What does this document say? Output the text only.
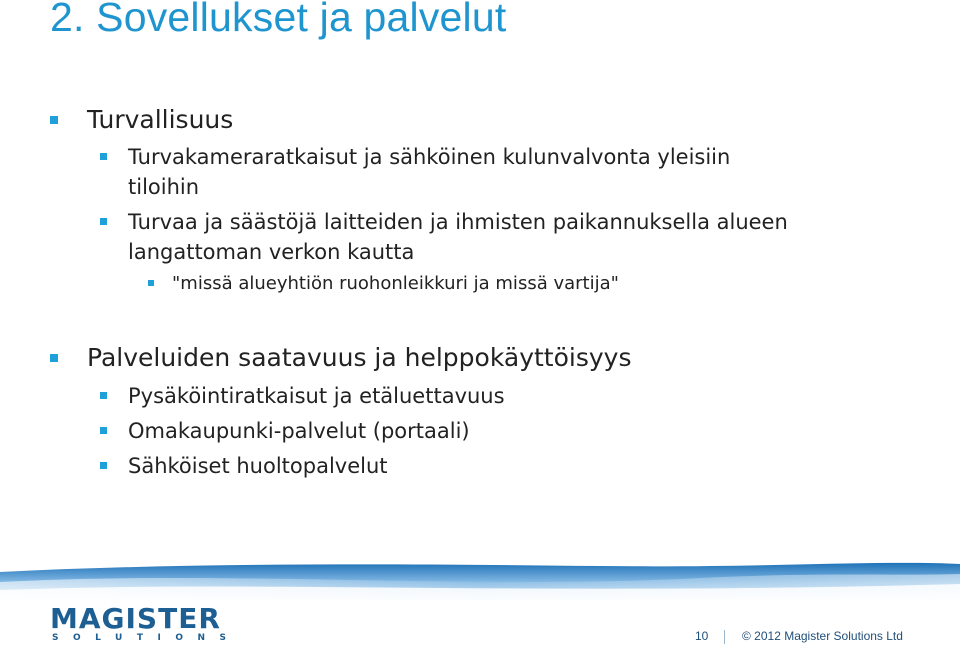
2. Sovellukset ja palvelut
Turvallisuus
Turvakameraratkaisut ja sähköinen kulunvalvonta yleisiin
tiloihin
Turvaa ja säästöjä laitteiden ja ihmisten paikannuksella alueen
langattoman verkon kautta
"missä alueyhtiön ruohonleikkuri ja missä vartija"
Palveluiden saatavuus ja helppokäyttöisyys
Pysäköintiratkaisut ja etäluettavuus
Omakaupunki-palvelut (portaali)
Sähköiset huoltopalvelut
MAGISTER
SOLUTIONS	10	© 2012 Magister Solutions Ltd
